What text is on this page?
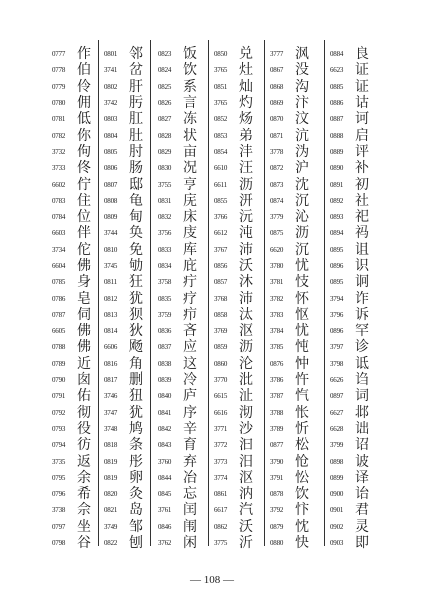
0777 作
0778 伯
0779 伶
0780 佣
0781 低
0782 你
3732 佝
3733 佟
6602 佇
0783 住
0784 位
6603 伴
3734 佗
6604 佛
0785 身
0786 皂
0787 伺
6605 佛
0788 佛
0789 近
0790 囱
0791 佑
0792 彻
0793 役
0794 彷
3735 返
0795 余
0796 希
3738 佘
0797 坐
0798 谷
0801 邻
3741 岔
0802 肝
3742 肟
0803 肛
0804 肚
0805 肘
0806 肠
0807 邸
0808 龟
0809 甸
3744 奂
0810 免
3745 劬
0811 狂
0812 犹
0813 狈
0814 狄
6606 飏
0816 角
0817 删
3746 狃
3747 犹
3748 鸠
0818 条
0819 彤
0819 卵
0820 灸
0821 岛
3749 邹
0822 刨
0823 饭
0824 饮
0825 系
0826 言
0827 冻
0828 状
0829 亩
0830 况
3755 亨
0831 庑
0832 床
3756 庋
0833 库
0834 庇
3758 疔
0835 疗
3759 疖
0836 吝
0837 应
0838 这
0839 冷
0840 庐
0841 序
0842 辛
0843 育
3760 弃
0844 冶
0845 忘
3761 闰
0846 闱
3762 闲
0850 兑
3765 灶
0851 灿
3765 灼
0852 炀
0853 弟
0854 沣
6610 汪
6611 沥
0855 汧
3766 沅
6612 沌
3767 沛
0856 沃
0857 沐
3768 沛
0858 汰
3769 沤
0859 沥
0860 沦
3770 沘
6615 沚
6616 沏
3771 沙
3772 汩
3773 汨
3774 沤
0861 汭
6617 汽
0862 沃
3775 沂
3777 沨
0867 没
0868 沟
0869 汴
0870 汶
0871 沆
3778 沩
0872 沪
0873 沈
0874 沉
3779 沁
0875 沥
6620 沉
3780 忧
3781 忮
3782 怀
3783 怄
3784 忧
3785 忳
0876 忡
3786 忤
3787 忾
3788 怅
3789 忻
0877 松
3790 怆
3791 忪
0878 饮
3792 忭
0879 忱
0880 快
0884 良
6623 证
0885 证
0886 诂
0887 诃
0888 启
0889 评
0890 补
0891 初
0892 社
0893 祀
0894 祃
0895 诅
0896 识
0895 诇
3794 诈
3796 诉
0896 罕
3797 诊
3798 诋
6626 诌
0897 词
6627 邶
6628 诎
3799 诏
0898 诐
0899 译
0900 诒
0901 君
0902 灵
0903 即
— 108 —
